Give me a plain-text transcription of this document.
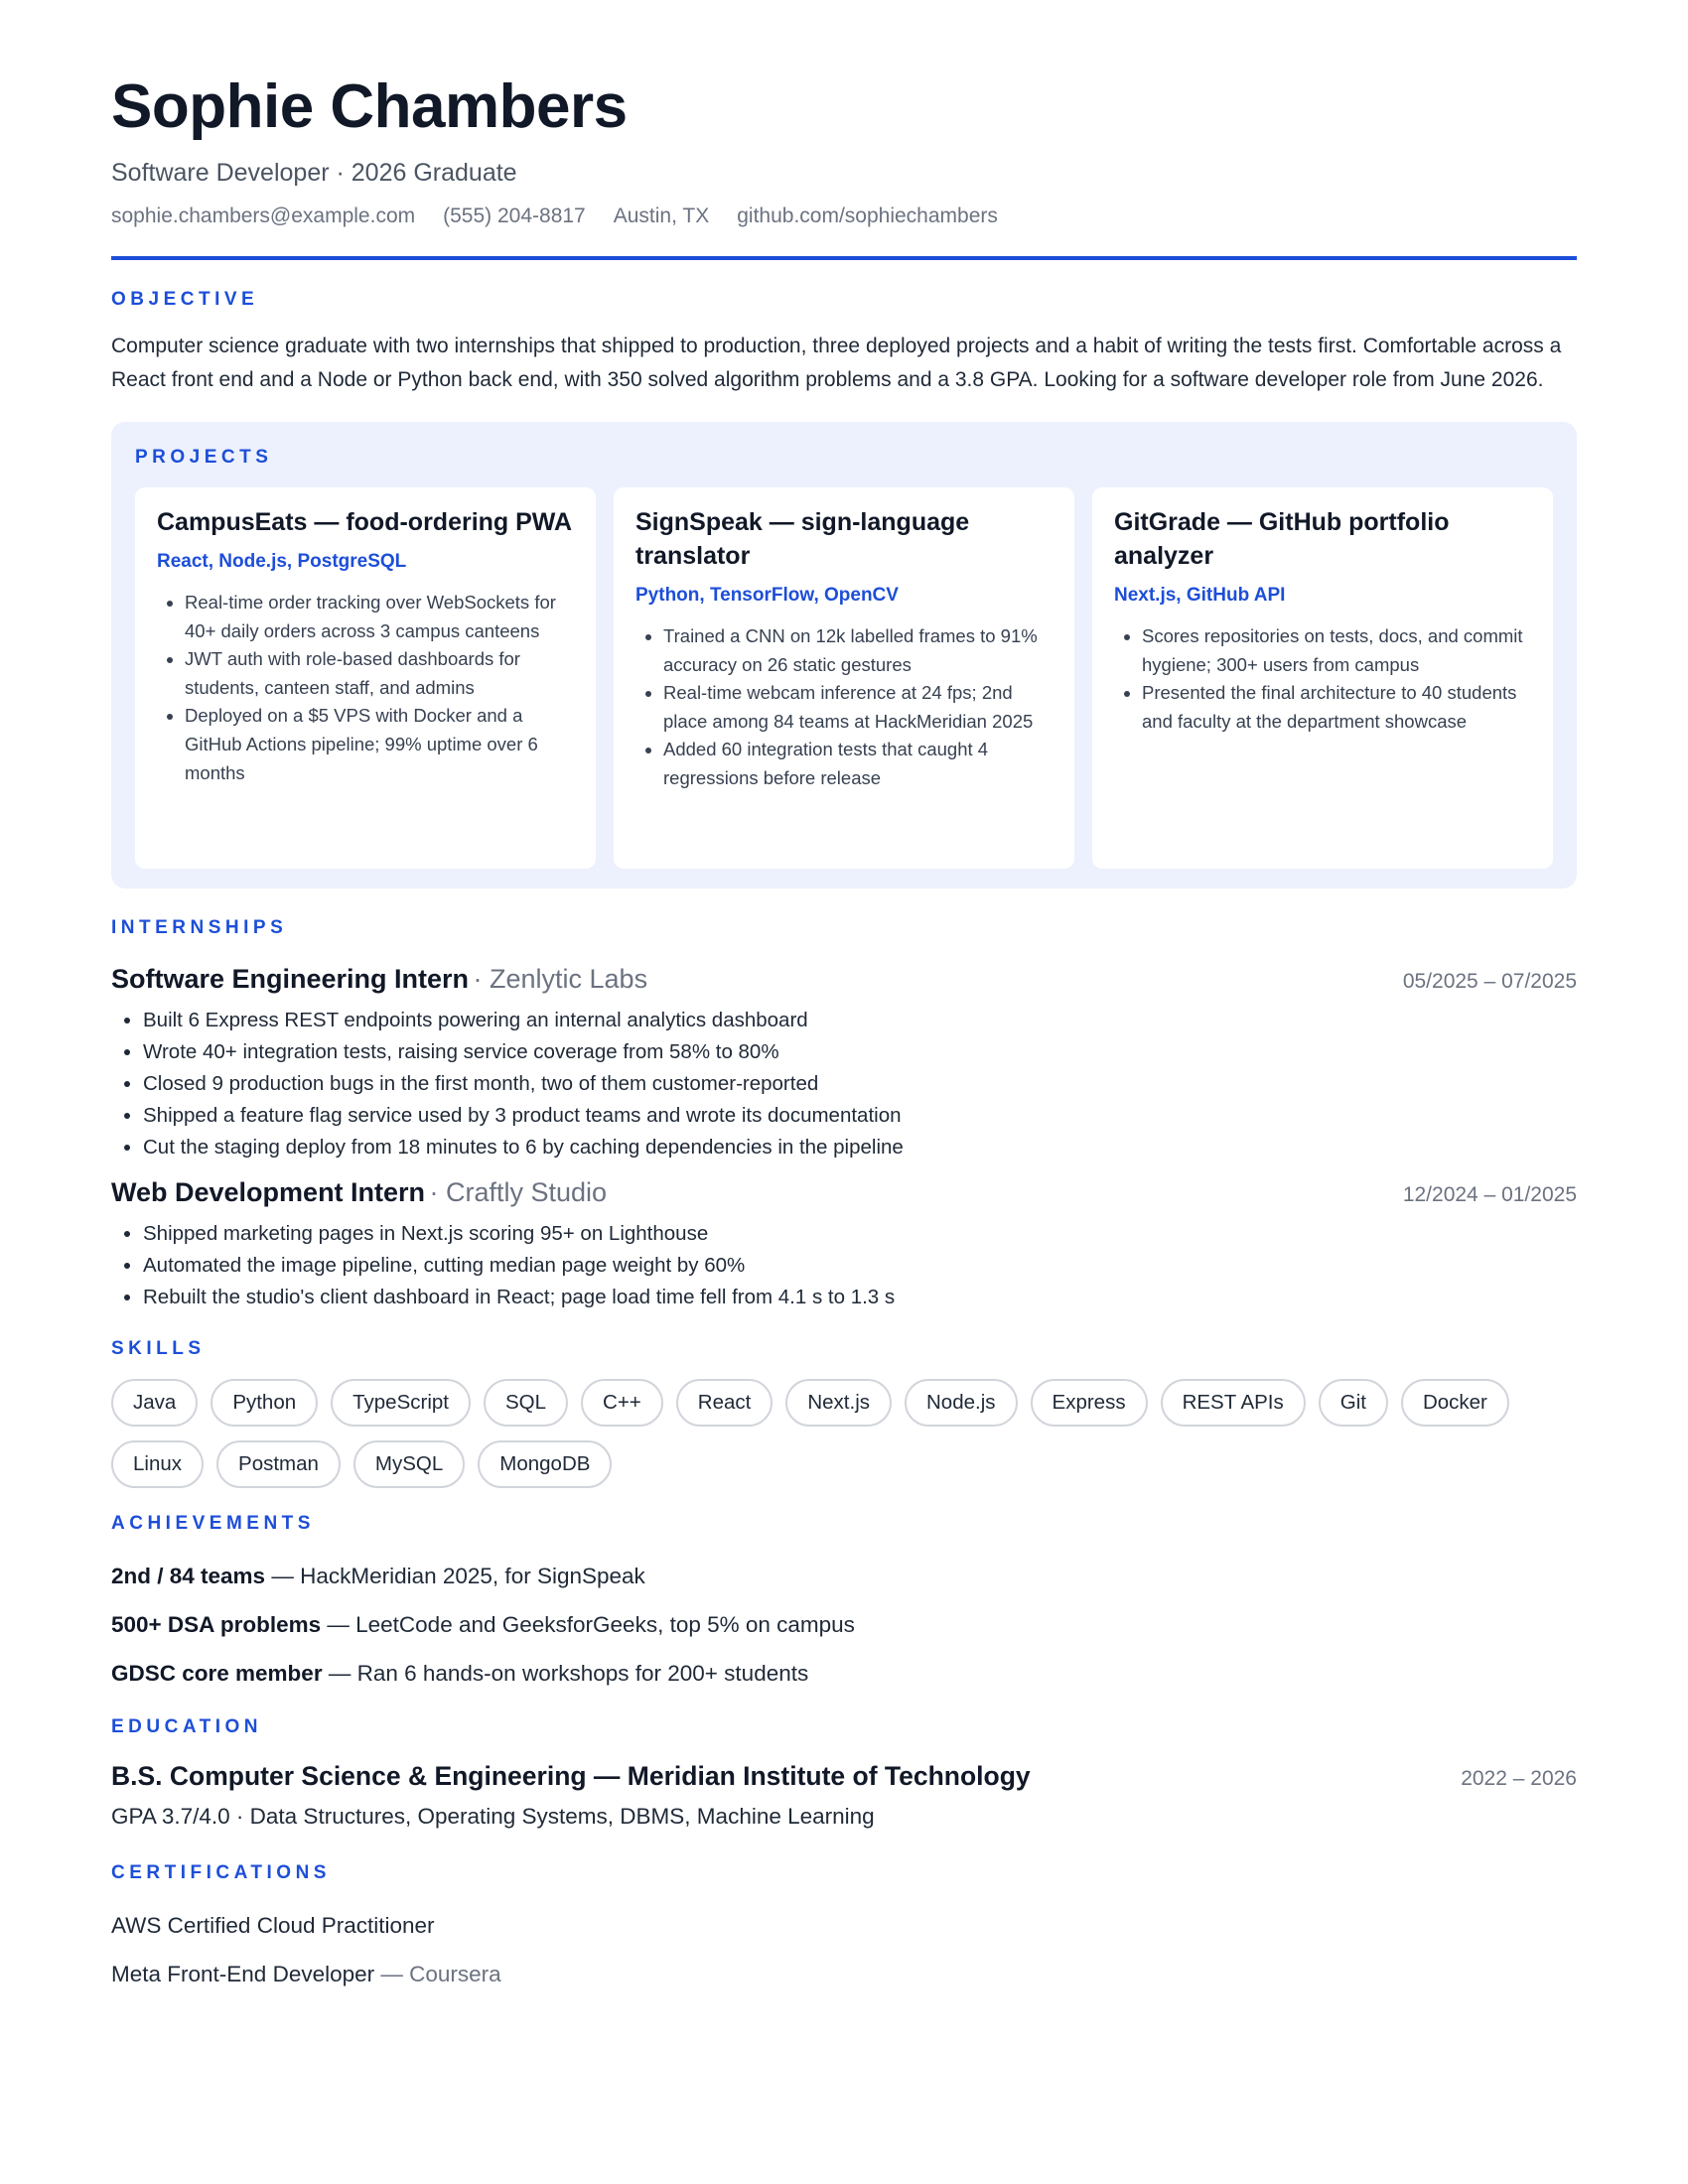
Sophie Chambers
Software Developer · 2026 Graduate
sophie.chambers@example.com (555) 204-8817 Austin, TX github.com/sophiechambers
OBJECTIVE

Computer science graduate with two internships that shipped to production, three deployed projects and a habit of writing the tests first. Comfortable across a React front end and a Node or Python back end, with 350 solved algorithm problems and a 3.8 GPA. Looking for a software developer role from June 2026.

PROJECTS
CampusEats — food-ordering PWA
React, Node.js, PostgreSQL
• Real-time order tracking over WebSockets for 40+ daily orders across 3 campus canteens
• JWT auth with role-based dashboards for students, canteen staff, and admins
• Deployed on a $5 VPS with Docker and a GitHub Actions pipeline; 99% uptime over 6 months
SignSpeak — sign-language translator
Python, TensorFlow, OpenCV
• Trained a CNN on 12k labelled frames to 91% accuracy on 26 static gestures
• Real-time webcam inference at 24 fps; 2nd place among 84 teams at HackMeridian 2025
• Added 60 integration tests that caught 4 regressions before release
GitGrade — GitHub portfolio analyzer
Next.js, GitHub API
• Scores repositories on tests, docs, and commit hygiene; 300+ users from campus
• Presented the final architecture to 40 students and faculty at the department showcase
INTERNSHIPS
Software Engineering Intern · Zenlytic Labs	05/2025 – 07/2025
• Built 6 Express REST endpoints powering an internal analytics dashboard
• Wrote 40+ integration tests, raising service coverage from 58% to 80%
• Closed 9 production bugs in the first month, two of them customer-reported
• Shipped a feature flag service used by 3 product teams and wrote its documentation
• Cut the staging deploy from 18 minutes to 6 by caching dependencies in the pipeline
Web Development Intern · Craftly Studio	12/2024 – 01/2025
• Shipped marketing pages in Next.js scoring 95+ on Lighthouse
• Automated the image pipeline, cutting median page weight by 60%
• Rebuilt the studio's client dashboard in React; page load time fell from 4.1 s to 1.3 s
SKILLS
Java	Python	TypeScript	SQL	C++	React	Next.js	Node.js	Express	REST APIs	Git	Docker
Linux	Postman	MySQL	MongoDB
ACHIEVEMENTS
2nd / 84 teams — HackMeridian 2025, for SignSpeak
500+ DSA problems — LeetCode and GeeksforGeeks, top 5% on campus
GDSC core member — Ran 6 hands-on workshops for 200+ students
EDUCATION
B.S. Computer Science & Engineering — Meridian Institute of Technology	2022 – 2026
GPA 3.7/4.0 · Data Structures, Operating Systems, DBMS, Machine Learning
CERTIFICATIONS
AWS Certified Cloud Practitioner
Meta Front-End Developer — Coursera
